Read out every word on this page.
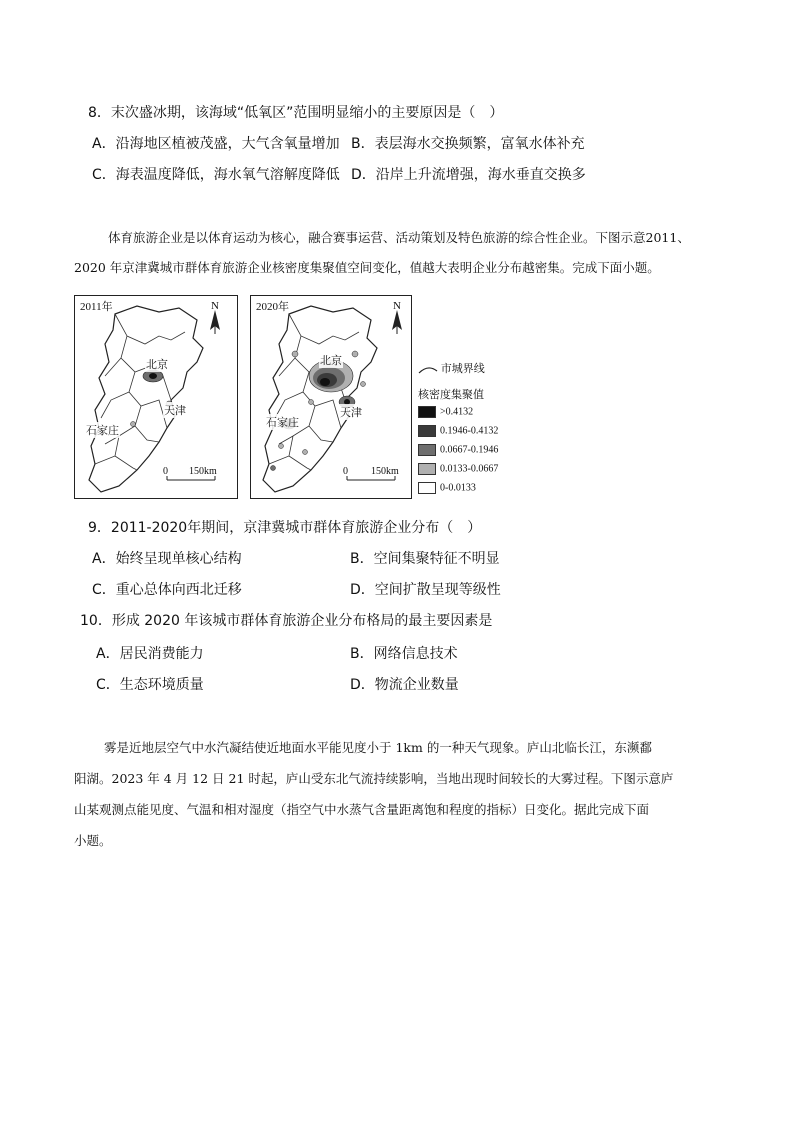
8．末次盛冰期，该海域“低氧区”范围明显缩小的主要原因是（　）
A．沿海地区植被茂盛，大气含氧量增加 B．表层海水交换频繁，富氧水体补充
C．海表温度降低，海水氧气溶解度降低 D．沿岸上升流增强，海水垂直交换多
体育旅游企业是以体育运动为核心，融合赛事运营、活动策划及特色旅游的综合性企业。下图示意2011、
2020 年京津冀城市群体育旅游企业核密度集聚值空间变化，值越大表明企业分布越密集。完成下面小题。
2011年	N
北京
天津
石家庄
0 150km
2020年	N
北京
天津
石家庄
0 150km
市城界线
核密度集聚值
>0.4132
0.1946-0.4132
0.0667-0.1946
0.0133-0.0667
0-0.0133
9．2011-2020年期间，京津冀城市群体育旅游企业分布（　）
A．始终呈现单核心结构	B．空间集聚特征不明显
C．重心总体向西北迁移	D．空间扩散呈现等级性
10．形成 2020 年该城市群体育旅游企业分布格局的最主要因素是
A．居民消费能力	B．网络信息技术
C．生态环境质量	D．物流企业数量
雾是近地层空气中水汽凝结使近地面水平能见度小于 1km 的一种天气现象。庐山北临长江，东濒鄱
阳湖。2023 年 4 月 12 日 21 时起，庐山受东北气流持续影响，当地出现时间较长的大雾过程。下图示意庐
山某观测点能见度、气温和相对湿度（指空气中水蒸气含量距离饱和程度的指标）日变化。据此完成下面
小题。
